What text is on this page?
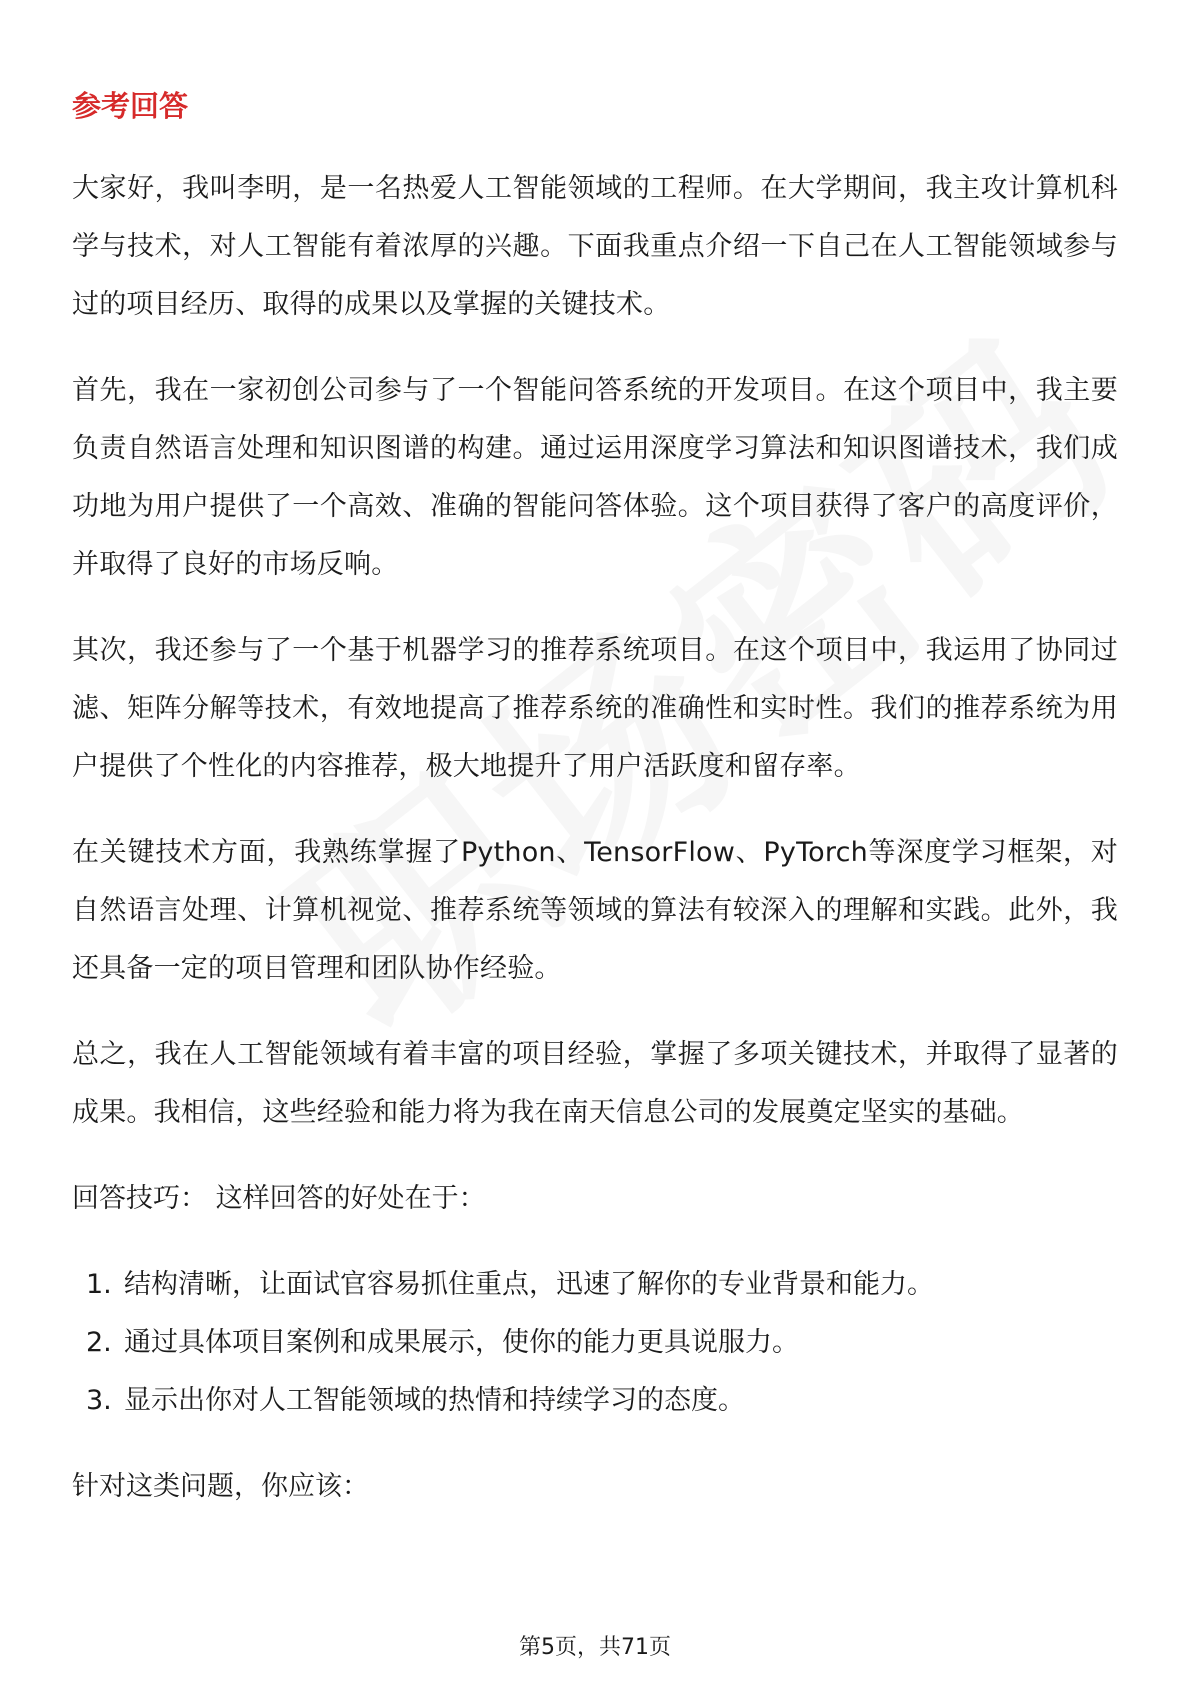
参考回答

大家好，我叫李明，是一名热爱人工智能领域的工程师。在大学期间，我主攻计算机科学与技术，对人工智能有着浓厚的兴趣。下面我重点介绍一下自己在人工智能领域参与过的项目经历、取得的成果以及掌握的关键技术。

首先，我在一家初创公司参与了一个智能问答系统的开发项目。在这个项目中，我主要负责自然语言处理和知识图谱的构建。通过运用深度学习算法和知识图谱技术，我们成功地为用户提供了一个高效、准确的智能问答体验。这个项目获得了客户的高度评价，并取得了良好的市场反响。

其次，我还参与了一个基于机器学习的推荐系统项目。在这个项目中，我运用了协同过滤、矩阵分解等技术，有效地提高了推荐系统的准确性和实时性。我们的推荐系统为用户提供了个性化的内容推荐，极大地提升了用户活跃度和留存率。

在关键技术方面，我熟练掌握了Python、TensorFlow、PyTorch等深度学习框架，对自然语言处理、计算机视觉、推荐系统等领域的算法有较深入的理解和实践。此外，我还具备一定的项目管理和团队协作经验。

总之，我在人工智能领域有着丰富的项目经验，掌握了多项关键技术，并取得了显著的成果。我相信，这些经验和能力将为我在南天信息公司的发展奠定坚实的基础。

回答技巧： 这样回答的好处在于：

1. 结构清晰，让面试官容易抓住重点，迅速了解你的专业背景和能力。
2. 通过具体项目案例和成果展示，使你的能力更具说服力。
3. 显示出你对人工智能领域的热情和持续学习的态度。

针对这类问题，你应该：

第5页，共71页
